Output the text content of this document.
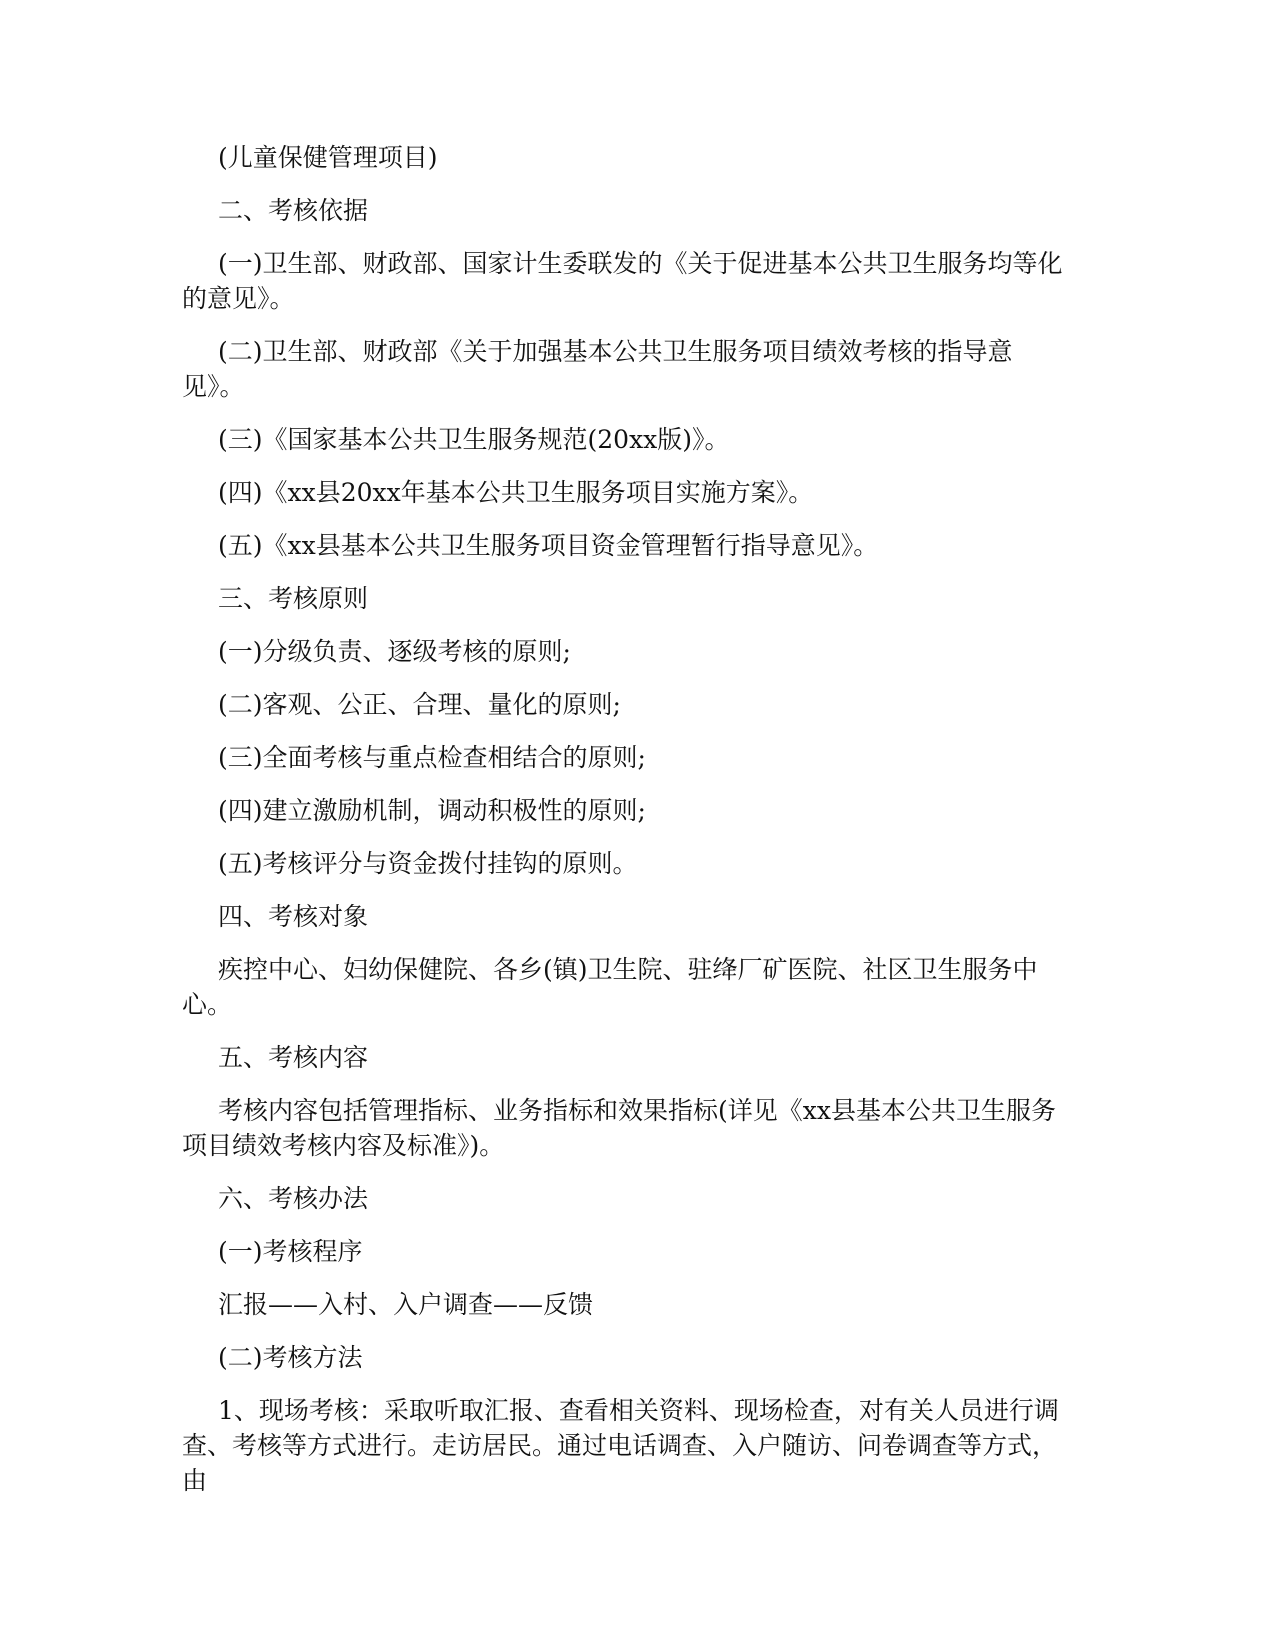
(儿童保健管理项目)

二、考核依据

(一)卫生部、财政部、国家计生委联发的《关于促进基本公共卫生服务均等化的意见》。

(二)卫生部、财政部《关于加强基本公共卫生服务项目绩效考核的指导意见》。

(三)《国家基本公共卫生服务规范(20xx版)》。

(四)《xx县20xx年基本公共卫生服务项目实施方案》。

(五)《xx县基本公共卫生服务项目资金管理暂行指导意见》。

三、考核原则

(一)分级负责、逐级考核的原则;

(二)客观、公正、合理、量化的原则;

(三)全面考核与重点检查相结合的原则;

(四)建立激励机制，调动积极性的原则;

(五)考核评分与资金拨付挂钩的原则。

四、考核对象

疾控中心、妇幼保健院、各乡(镇)卫生院、驻绛厂矿医院、社区卫生服务中心。

五、考核内容

考核内容包括管理指标、业务指标和效果指标(详见《xx县基本公共卫生服务项目绩效考核内容及标准》)。

六、考核办法

(一)考核程序

汇报——入村、入户调查——反馈

(二)考核方法

1、现场考核：采取听取汇报、查看相关资料、现场检查，对有关人员进行调查、考核等方式进行。走访居民。通过电话调查、入户随访、问卷调查等方式，由
